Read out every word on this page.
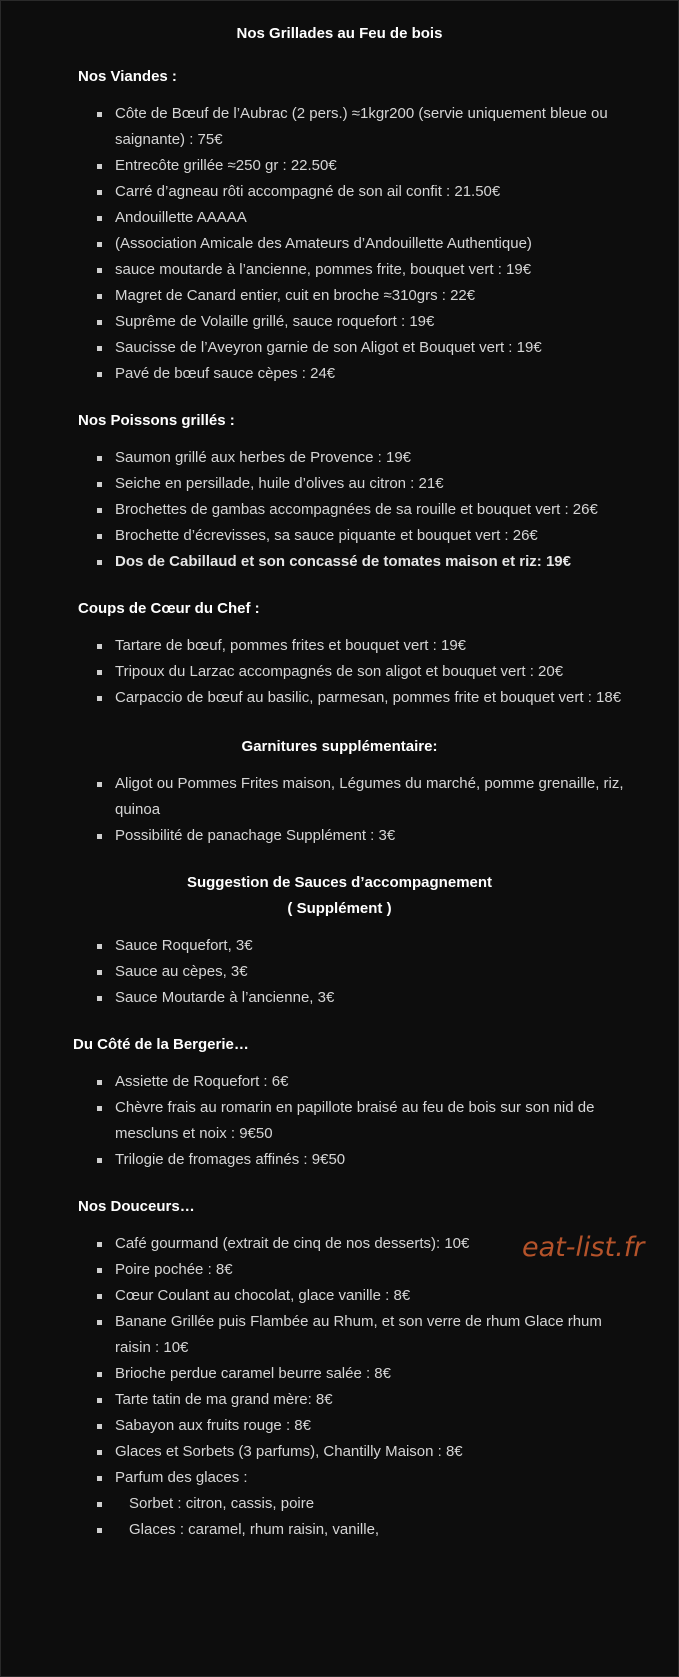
Nos Grillades au Feu de bois
Nos Viandes :
Côte de Bœuf de l’Aubrac (2 pers.) ≈1kgr200 (servie uniquement bleue ou saignante) : 75€
Entrecôte grillée ≈250 gr : 22.50€
Carré d’agneau rôti accompagné de son ail confit : 21.50€
Andouillette AAAAA
(Association Amicale des Amateurs d’Andouillette Authentique)
sauce moutarde à l’ancienne, pommes frite, bouquet vert : 19€
Magret de Canard entier, cuit en broche ≈310grs : 22€
Suprême de Volaille grillé, sauce roquefort : 19€
Saucisse de l’Aveyron garnie de son Aligot et Bouquet vert : 19€
Pavé de bœuf sauce cèpes : 24€
Nos Poissons grillés :
Saumon grillé aux herbes de Provence : 19€
Seiche en persillade, huile d’olives au citron : 21€
Brochettes de gambas accompagnées de sa rouille et bouquet vert : 26€
Brochette d’écrevisses, sa sauce piquante et bouquet vert : 26€
Dos de Cabillaud et son concassé de tomates maison et riz: 19€
Coups de Cœur du Chef :
Tartare de bœuf, pommes frites et bouquet vert : 19€
Tripoux du Larzac accompagnés de son aligot et bouquet vert : 20€
Carpaccio de bœuf au basilic, parmesan, pommes frite et bouquet vert : 18€
Garnitures supplémentaire:
Aligot ou Pommes Frites maison, Légumes du marché, pomme grenaille, riz, quinoa
Possibilité de panachage Supplément : 3€
Suggestion de Sauces d’accompagnement
( Supplément )
Sauce Roquefort, 3€
Sauce au cèpes, 3€
Sauce Moutarde à l’ancienne, 3€
Du Côté de la Bergerie…
Assiette de Roquefort : 6€
Chèvre frais au romarin en papillote braisé au feu de bois sur son nid de mescluns et noix : 9€50
Trilogie de fromages affinés : 9€50
Nos Douceurs…
Café gourmand (extrait de cinq de nos desserts): 10€
Poire pochée : 8€
Cœur Coulant au chocolat, glace vanille : 8€
Banane Grillée puis Flambée au Rhum, et son verre de rhum Glace rhum raisin : 10€
Brioche perdue caramel beurre salée : 8€
Tarte tatin de ma grand mère: 8€
Sabayon aux fruits rouge : 8€
Glaces et Sorbets (3 parfums), Chantilly Maison : 8€
Parfum des glaces :
Sorbet : citron, cassis, poire
Glaces : caramel, rhum raisin, vanille,
eat-list.fr
